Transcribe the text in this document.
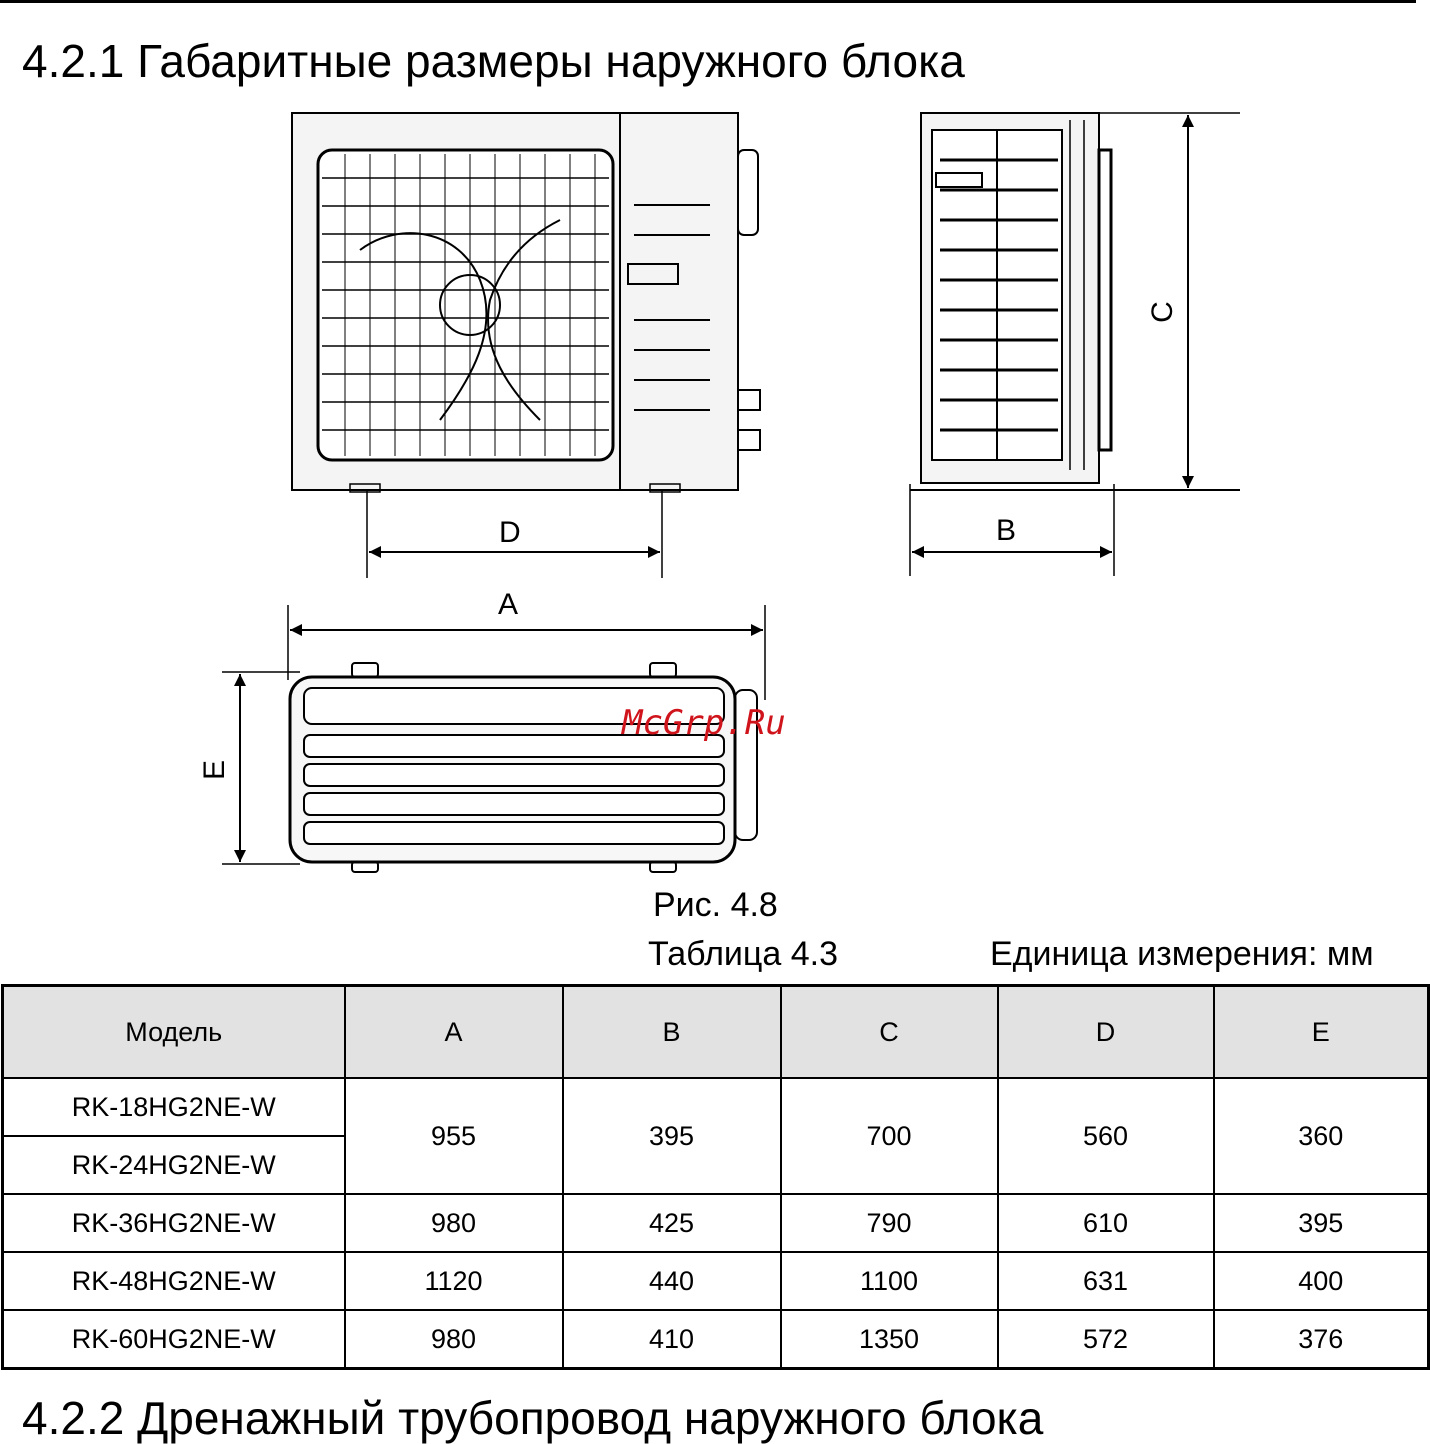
4.2.1 Габаритные размеры наружного блока
D	B
C
A
E
McGrp.Ru
Рис. 4.8
Таблица 4.3	Единица измерения: мм
Модель	A	B	C	D	E
RK-18HG2NE-W	955	395	700	560	360
RK-24HG2NE-W					
RK-36HG2NE-W	980	425	790	610	395
RK-48HG2NE-W	1120	440	1100	631	400
RK-60HG2NE-W	980	410	1350	572	376
4.2.2 Дренажный трубопровод наружного блока
